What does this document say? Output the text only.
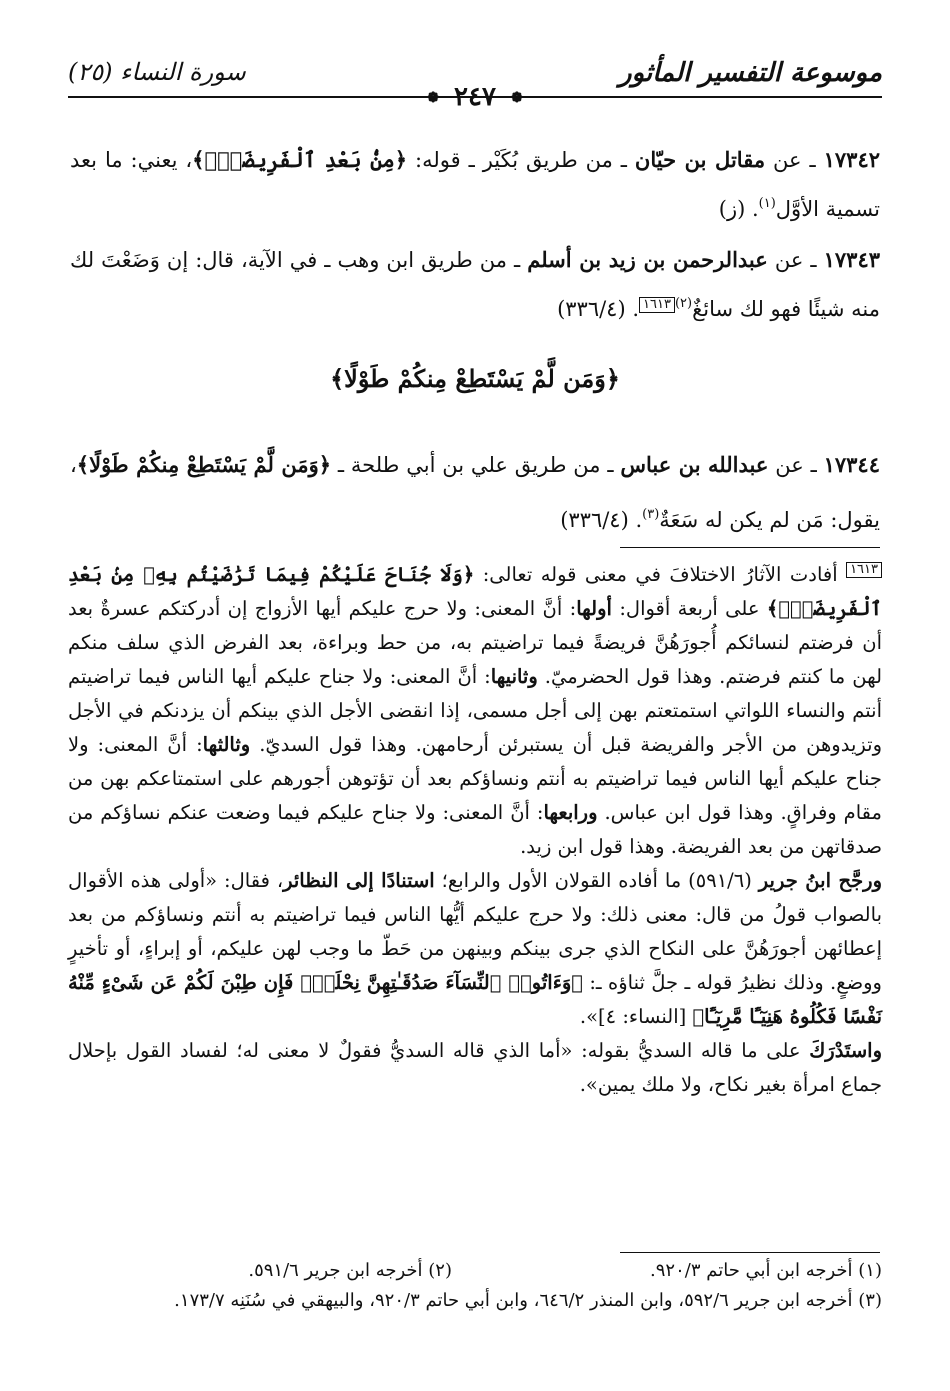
موسوعة التفسير المأثور
❁ ٢٤٧ ❁
سورة النساء (٢٥)
١٧٣٤٢ ـ عن مقاتل بن حيّان ـ من طريق بُكَيْر ـ قوله: ﴿مِنْۢ بَعْدِ ٱلْفَرِيضَةِۚ﴾، يعني: ما بعد تسمية الأوَّل$^{(١)}$. (ز)
١٧٣٤٣ ـ عن عبدالرحمن بن زيد بن أسلم ـ من طريق ابن وهب ـ في الآية، قال: إن وَضَعْتَ لك منه شيئًا فهو لك سائغٌ$^{(٢)}$١٦١٣. (٣٣٦/٤)
﴿وَمَن لَّمْ يَسْتَطِعْ مِنكُمْ طَوْلًا﴾
١٧٣٤٤ ـ عن عبدالله بن عباس ـ من طريق علي بن أبي طلحة ـ ﴿وَمَن لَّمْ يَسْتَطِعْ مِنكُمْ طَوْلًا﴾، يقول: مَن لم يكن له سَعَةٌ$^{(٣)}$. (٣٣٦/٤)

١٦١٣ أفادت الآثارُ الاختلافَ في معنى قوله تعالى: ﴿وَلَا جُنَاحَ عَلَيْكُمْ فِيمَا تَرَٰضَيْتُم بِهِۦ مِنۢ بَعْدِ ٱلْفَرِيضَةِۚ﴾ على أربعة أقوال: أولها: أنَّ المعنى: ولا حرج عليكم أيها الأزواج إن أدركتكم عسرةٌ بعد أن فرضتم لنسائكم أُجورَهُنَّ فريضةً فيما تراضيتم به، من حط وبراءة، بعد الفرض الذي سلف منكم لهن ما كنتم فرضتم. وهذا قول الحضرميّ. وثانيها: أنَّ المعنى: ولا جناح عليكم أيها الناس فيما تراضيتم أنتم والنساء اللواتي استمتعتم بهن إلى أجل مسمى، إذا انقضى الأجل الذي بينكم أن يزدنكم في الأجل وتزيدوهن من الأجر والفريضة قبل أن يستبرئن أرحامهن. وهذا قول السديّ. وثالثها: أنَّ المعنى: ولا جناح عليكم أيها الناس فيما تراضيتم به أنتم ونساؤكم بعد أن تؤتوهن أجورهم على استمتاعكم بهن من مقام وفراقٍ. وهذا قول ابن عباس. ورابعها: أنَّ المعنى: ولا جناح عليكم فيما وضعت عنكم نساؤكم من صدقاتهن من بعد الفريضة. وهذا قول ابن زيد.

ورجَّح ابنُ جرير (٥٩١/٦) ما أفاده القولان الأول والرابع؛ استنادًا إلى النظائر، فقال: «أولى هذه الأقوال بالصواب قولُ من قال: معنى ذلك: ولا حرج عليكم أيُّها الناس فيما تراضيتم به أنتم ونساؤكم من بعد إعطائهن أجورَهُنَّ على النكاح الذي جرى بينكم وبينهن من حَطّ ما وجب لهن عليكم، أو إبراءٍ، أو تأخيرٍ ووضعٍ. وذلك نظيرُ قوله ـ جلَّ ثناؤه ـ: ﴿وَءَاتُوا۟ ٱلنِّسَآءَ صَدُقَـٰتِهِنَّ نِحْلَةًۚ فَإِن طِبْنَ لَكُمْ عَن شَىْءٍ مِّنْهُ نَفْسًا فَكُلُوهُ هَنِيٓـًٔا مَّرِيٓـًٔا﴾ [النساء: ٤]».

واستَدْرَكَ على ما قاله السديُّ بقوله: «أما الذي قاله السديُّ فقولٌ لا معنى له؛ لفساد القول بإحلال جماع امرأة بغير نكاح، ولا ملك يمين».

(١) أخرجه ابن أبي حاتم ٩٢٠/٣.
(٢) أخرجه ابن جرير ٥٩١/٦.
(٣) أخرجه ابن جرير ٥٩٢/٦، وابن المنذر ٦٤٦/٢، وابن أبي حاتم ٩٢٠/٣، والبيهقي في سُنَنِه ١٧٣/٧.
